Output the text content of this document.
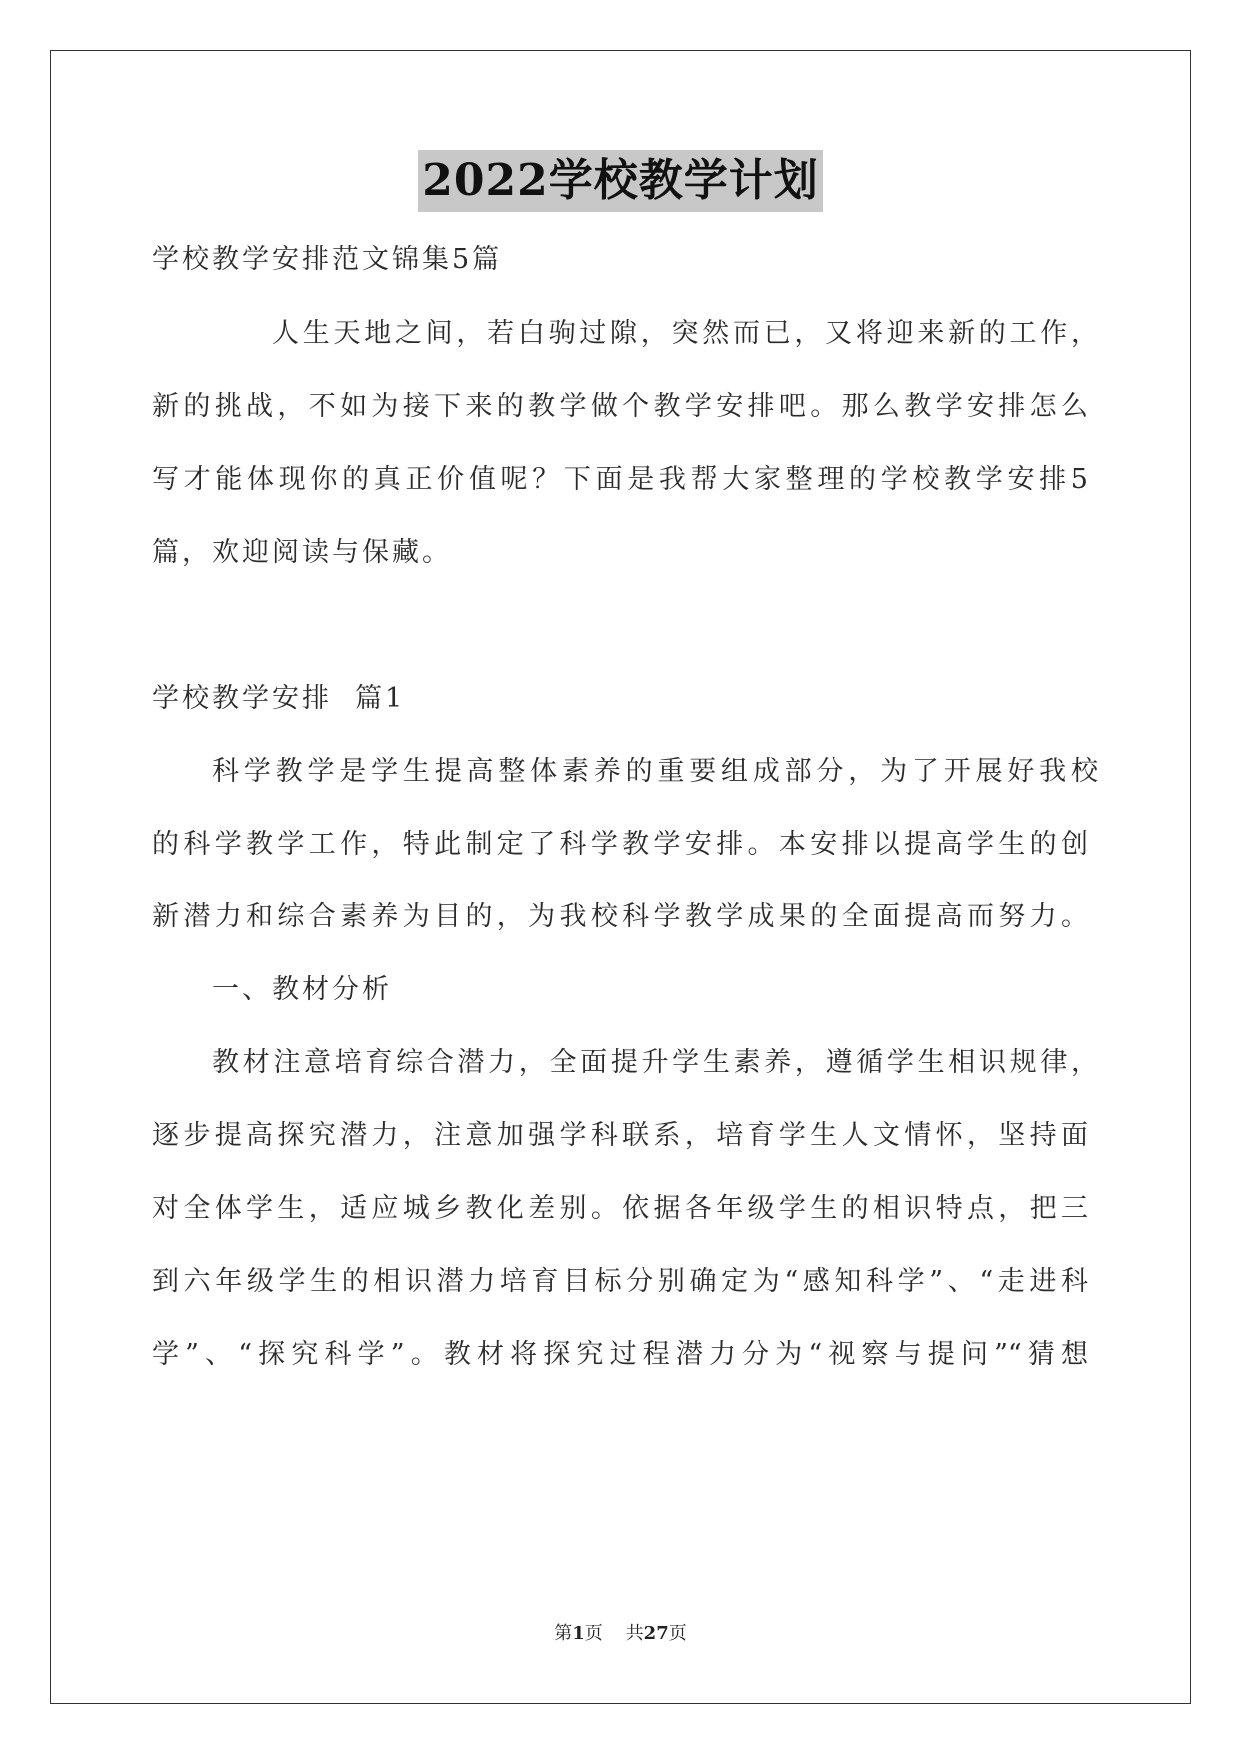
2022学校教学计划
学校教学安排范文锦集5篇
人生天地之间，若白驹过隙，突然而已，又将迎来新的工作，
新的挑战，不如为接下来的教学做个教学安排吧。那么教学安排怎么
写才能体现你的真正价值呢？下面是我帮大家整理的学校教学安排5
篇，欢迎阅读与保藏。
学校教学安排  篇1
科学教学是学生提高整体素养的重要组成部分，为了开展好我校
的科学教学工作，特此制定了科学教学安排。本安排以提高学生的创
新潜力和综合素养为目的，为我校科学教学成果的全面提高而努力。
一、教材分析
教材注意培育综合潜力，全面提升学生素养，遵循学生相识规律，
逐步提高探究潜力，注意加强学科联系，培育学生人文情怀，坚持面
对全体学生，适应城乡教化差别。依据各年级学生的相识特点，把三
到六年级学生的相识潜力培育目标分别确定为“感知科学”、“走进科
学”、“探究科学”。教材将探究过程潜力分为“视察与提问”“猜想
第1页 共27页
